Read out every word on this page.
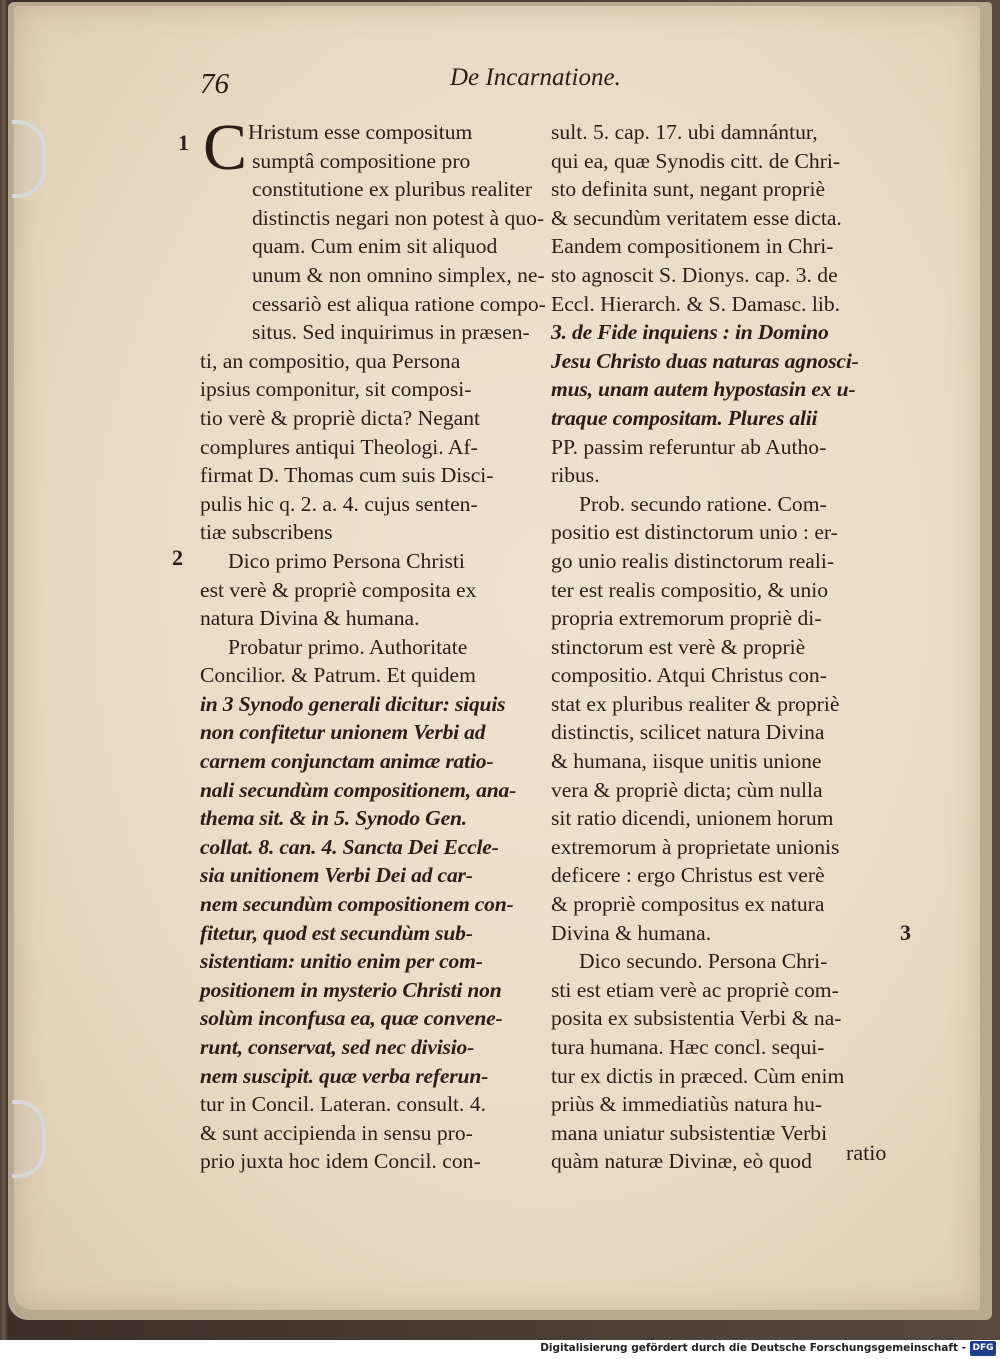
76	De Incarnatione.
1
2
3
C Hristum esse compositum
sumptâ compositione pro
constitutione ex pluribus realiter
distinctis negari non potest à quo-
quam. Cum enim sit aliquod
unum & non omnino simplex, ne-
cessariò est aliqua ratione compo-
situs. Sed inquirimus in præsen-
ti, an compositio, qua Persona
ipsius componitur, sit composi-
tio verè & propriè dicta? Negant
complures antiqui Theologi. Af-
firmat D. Thomas cum suis Disci-
pulis hic q. 2. a. 4. cujus senten-
tiæ subscribens
Dico primo Persona Christi
est verè & propriè composita ex
natura Divina & humana.
Probatur primo. Authoritate
Concilior. & Patrum. Et quidem
in 3 Synodo generali dicitur: siquis
non confitetur unionem Verbi ad
carnem conjunctam animæ ratio-
nali secundùm compositionem, ana-
thema sit. & in 5. Synodo Gen.
collat. 8. can. 4. Sancta Dei Eccle-
sia unitionem Verbi Dei ad car-
nem secundùm compositionem con-
fitetur, quod est secundùm sub-
sistentiam: unitio enim per com-
positionem in mysterio Christi non
solùm inconfusa ea, quæ convene-
runt, conservat, sed nec divisio-
nem suscipit. quæ verba referun-
tur in Concil. Lateran. consult. 4.
& sunt accipienda in sensu pro-
prio juxta hoc idem Concil. con-
sult. 5. cap. 17. ubi damnántur,
qui ea, quæ Synodis citt. de Chri-
sto definita sunt, negant propriè
& secundùm veritatem esse dicta.
Eandem compositionem in Chri-
sto agnoscit S. Dionys. cap. 3. de
Eccl. Hierarch. & S. Damasc. lib.
3. de Fide inquiens : in Domino
Jesu Christo duas naturas agnosci-
mus, unam autem hypostasin ex u-
traque compositam. Plures alii
PP. passim referuntur ab Autho-
ribus.
Prob. secundo ratione. Com-
positio est distinctorum unio : er-
go unio realis distinctorum reali-
ter est realis compositio, & unio
propria extremorum propriè di-
stinctorum est verè & propriè
compositio. Atqui Christus con-
stat ex pluribus realiter & propriè
distinctis, scilicet natura Divina
& humana, iisque unitis unione
vera & propriè dicta; cùm nulla
sit ratio dicendi, unionem horum
extremorum à proprietate unionis
deficere : ergo Christus est verè
& propriè compositus ex natura
Divina & humana.
Dico secundo. Persona Chri-
sti est etiam verè ac propriè com-
posita ex subsistentia Verbi & na-
tura humana. Hæc concl. sequi-
tur ex dictis in præced. Cùm enim
priùs & immediatiùs natura hu-
mana uniatur subsistentiæ Verbi
quàm naturæ Divinæ, eò quod	ratio
Digitalisierung gefördert durch die Deutsche Forschungsgemeinschaft - DFG
